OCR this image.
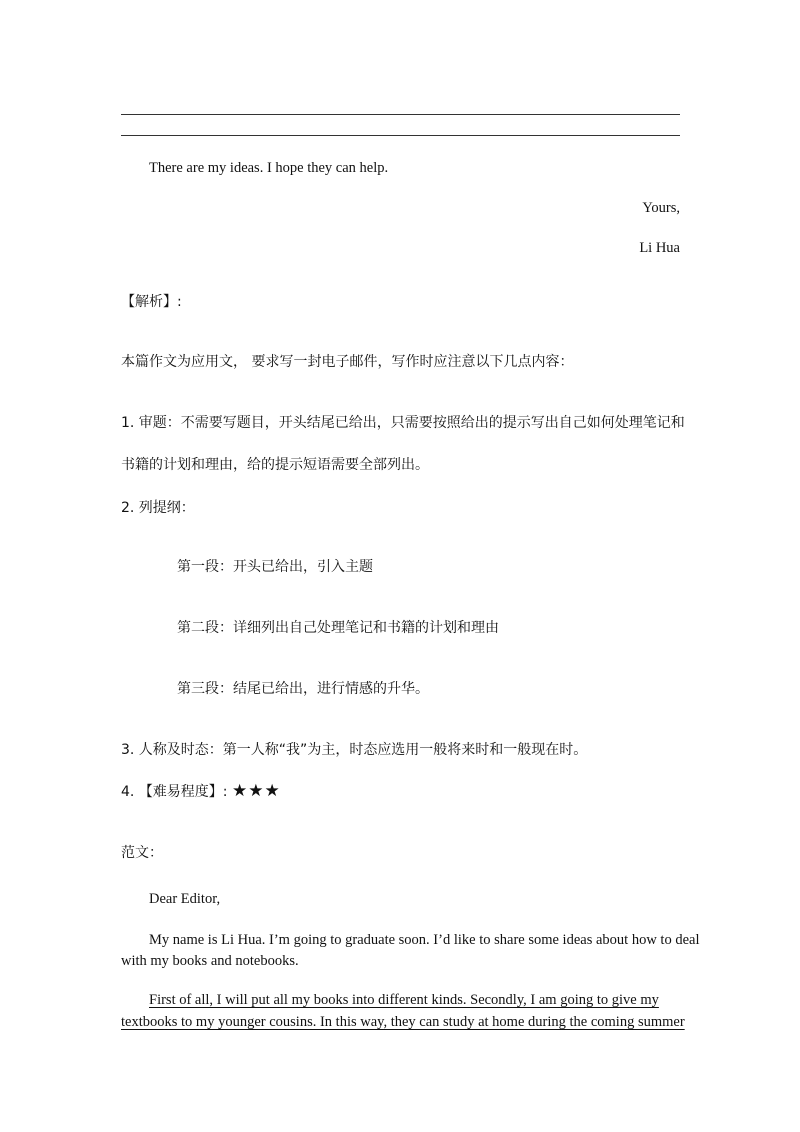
There are my ideas. I hope they can help.
Yours,
Li Hua
【解析】:
本篇作文为应用文， 要求写一封电子邮件，写作时应注意以下几点内容：
1. 审题：不需要写题目，开头结尾已给出，只需要按照给出的提示写出自己如何处理笔记和
书籍的计划和理由，给的提示短语需要全部列出。
2. 列提纲：
第一段：开头已给出，引入主题
第二段：详细列出自己处理笔记和书籍的计划和理由
第三段：结尾已给出，进行情感的升华。
3. 人称及时态：第一人称“我”为主，时态应选用一般将来时和一般现在时。
4. 【难易程度】: ★★★
范文：
Dear Editor,
My name is Li Hua. I’m going to graduate soon. I’d like to share some ideas about how to deal
with my books and notebooks.
First of all, I will put all my books into different kinds. Secondly, I am going to give my
textbooks to my younger cousins. In this way, they can study at home during the coming summer
